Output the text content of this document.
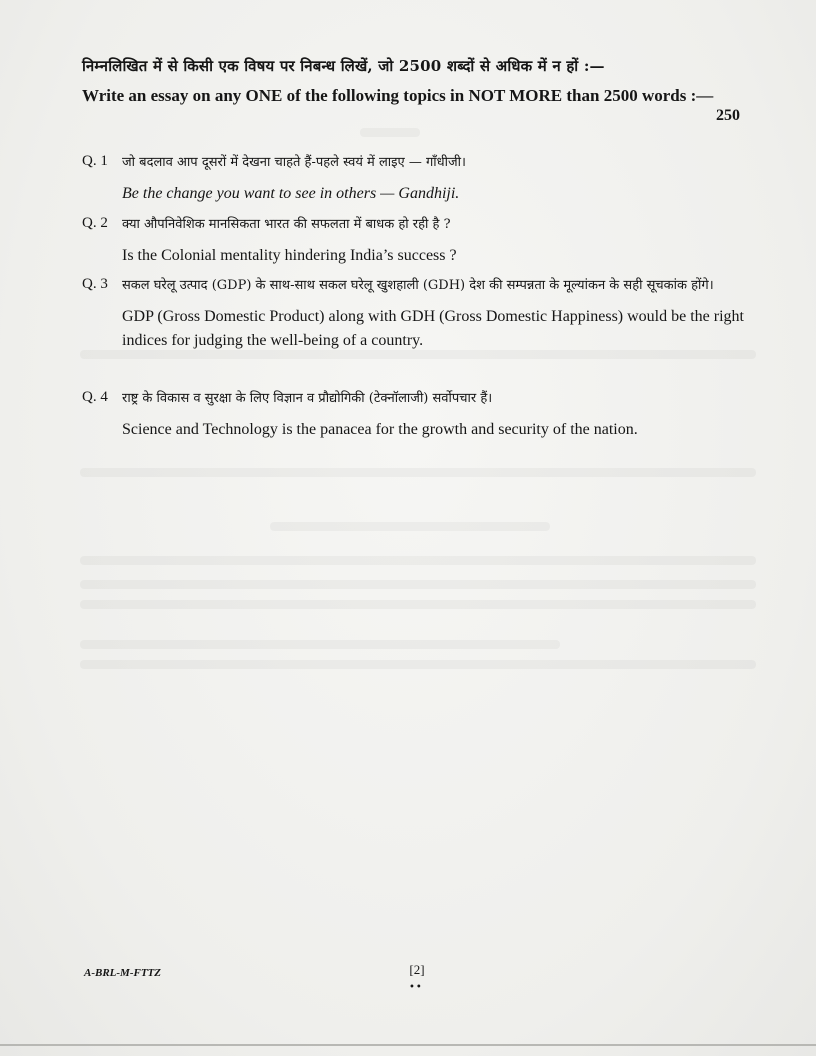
निम्नलिखित में से किसी एक विषय पर निबन्ध लिखें, जो 2500 शब्दों से अधिक में न हों :—
Write an essay on any ONE of the following topics in NOT MORE than 2500 words :—
250
Q. 1	जो बदलाव आप दूसरों में देखना चाहते हैं-पहले स्वयं में लाइए — गाँधीजी।
Be the change you want to see in others — Gandhiji.
Q. 2	क्या औपनिवेशिक मानसिकता भारत की सफलता में बाधक हो रही है ?
Is the Colonial mentality hindering India’s success ?
Q. 3	सकल घरेलू उत्पाद (GDP) के साथ-साथ सकल घरेलू खुशहाली (GDH) देश की सम्पन्नता के मूल्यांकन के सही सूचकांक होंगे।
GDP (Gross Domestic Product) along with GDH (Gross Domestic Happiness) would be the right indices for judging the well-being of a country.
Q. 4	राष्ट्र के विकास व सुरक्षा के लिए विज्ञान व प्रौद्योगिकी (टेक्नॉलाजी) सर्वोपचार हैं।
Science and Technology is the panacea for the growth and security of the nation.
A-BRL-M-FTTZ	[2]
••
